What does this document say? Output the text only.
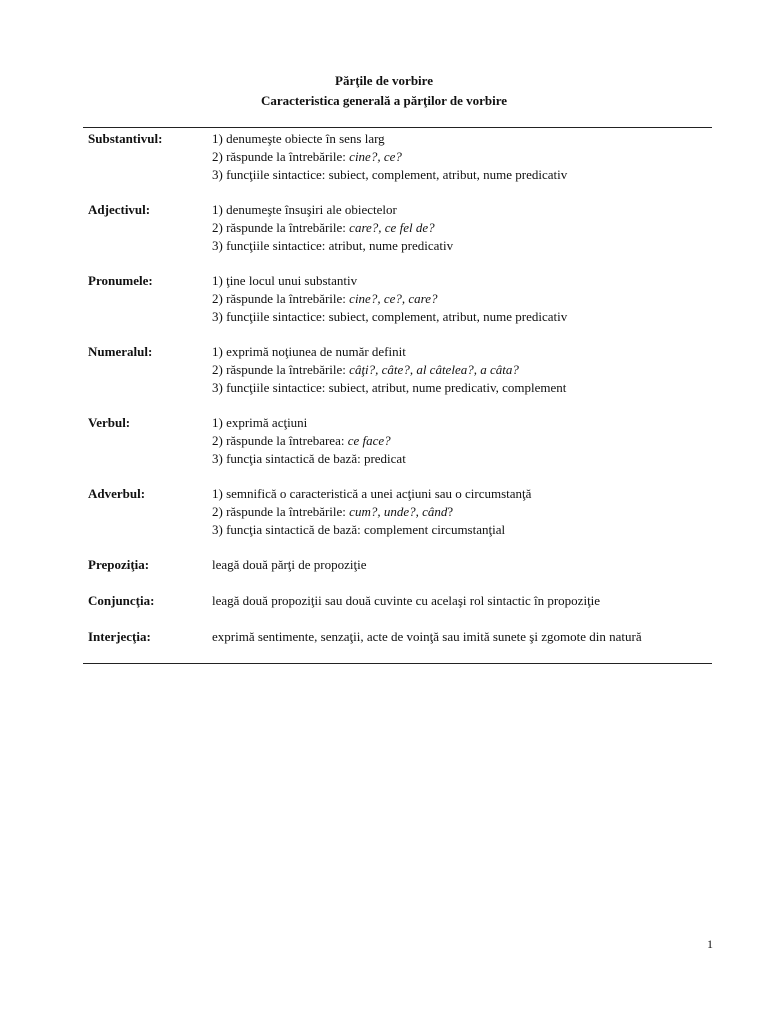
Părţile de vorbire
Caracteristica generală a părţilor de vorbire
Substantivul:	1) denumeşte obiecte în sens larg
2) răspunde la întrebările: cine?, ce?
3) funcţiile sintactice: subiect, complement, atribut, nume predicativ
Adjectivul:	1) denumeşte însuşiri ale obiectelor
2) răspunde la întrebările: care?, ce fel de?
3) funcţiile sintactice: atribut, nume predicativ
Pronumele:	1) ţine locul unui substantiv
2) răspunde la întrebările: cine?, ce?, care?
3) funcţiile sintactice: subiect, complement, atribut, nume predicativ
Numeralul:	1) exprimă noţiunea de număr definit
2) răspunde la întrebările: câţi?, câte?, al câtelea?, a câta?
3) funcţiile sintactice: subiect, atribut, nume predicativ, complement
Verbul:	1) exprimă acţiuni
2) răspunde la întrebarea: ce face?
3) funcţia sintactică de bază: predicat
Adverbul:	1) semnifică o caracteristică a unei acţiuni sau o circumstanţă
2) răspunde la întrebările: cum?, unde?, când?
3) funcţia sintactică de bază: complement circumstanţial
Prepoziţia:	leagă două părţi de propoziţie
Conjuncţia:	leagă două propoziţii sau două cuvinte cu acelaşi rol sintactic în propoziţie
Interjecţia:	exprimă sentimente, senzaţii, acte de voinţă sau imită sunete şi zgomote din natură
1
